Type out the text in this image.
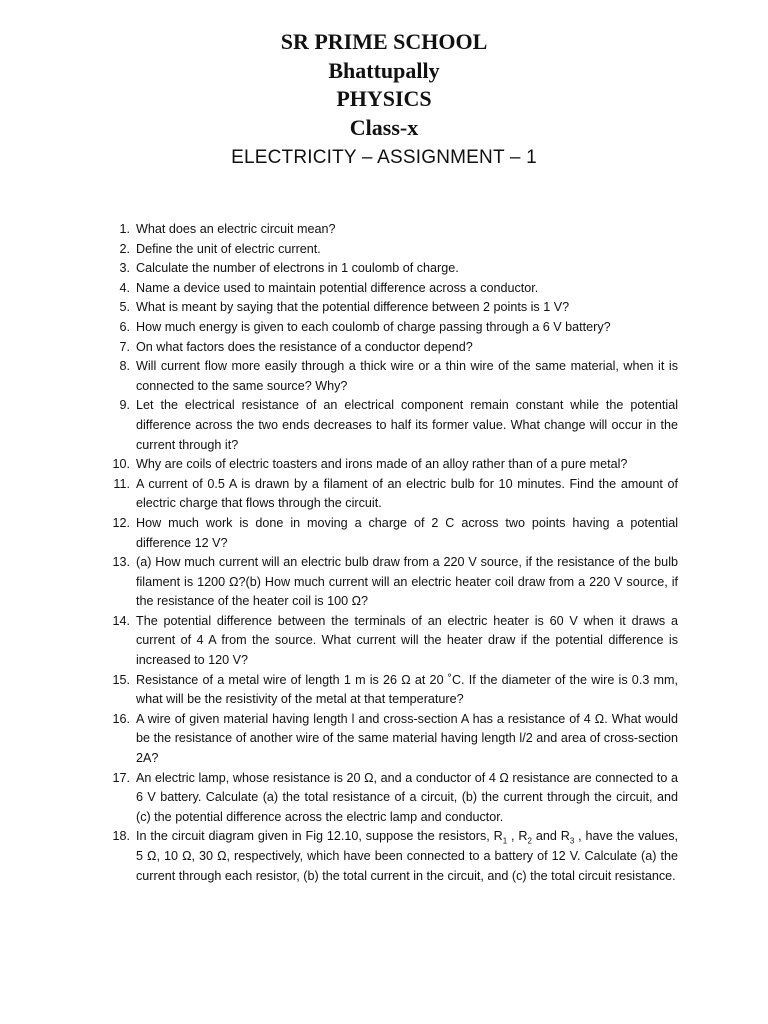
SR PRIME SCHOOL

Bhattupally

PHYSICS

Class-x

ELECTRICITY – ASSIGNMENT – 1

1. What does an electric circuit mean?
2. Define the unit of electric current.
3. Calculate the number of electrons in 1 coulomb of charge.
4. Name a device used to maintain potential difference across a conductor.
5. What is meant by saying that the potential difference between 2 points is 1 V?
6. How much energy is given to each coulomb of charge passing through a 6 V battery?
7. On what factors does the resistance of a conductor depend?
8. Will current flow more easily through a thick wire or a thin wire of the same material, when it is connected to the same source? Why?
9. Let the electrical resistance of an electrical component remain constant while the potential difference across the two ends decreases to half its former value. What change will occur in the current through it?
10. Why are coils of electric toasters and irons made of an alloy rather than of a pure metal?
11. A current of 0.5 A is drawn by a filament of an electric bulb for 10 minutes. Find the amount of electric charge that flows through the circuit.
12. How much work is done in moving a charge of 2 C across two points having a potential difference 12 V?
13. (a) How much current will an electric bulb draw from a 220 V source, if the resistance of the bulb filament is 1200 Ω?(b) How much current will an electric heater coil draw from a 220 V source, if the resistance of the heater coil is 100 Ω?
14. The potential difference between the terminals of an electric heater is 60 V when it draws a current of 4 A from the source. What current will the heater draw if the potential difference is increased to 120 V?
15. Resistance of a metal wire of length 1 m is 26 Ω at 20 ˚C. If the diameter of the wire is 0.3 mm, what will be the resistivity of the metal at that temperature?
16. A wire of given material having length l and cross-section A has a resistance of 4 Ω. What would be the resistance of another wire of the same material having length l/2 and area of cross-section 2A?
17. An electric lamp, whose resistance is 20 Ω, and a conductor of 4 Ω resistance are connected to a 6 V battery. Calculate (a) the total resistance of a circuit, (b) the current through the circuit, and (c) the potential difference across the electric lamp and conductor.
18. In the circuit diagram given in Fig 12.10, suppose the resistors, $R_1$ , $R_2$ and $R_3$ , have the values, 5 Ω, 10 Ω, 30 Ω, respectively, which have been connected to a battery of 12 V. Calculate (a) the current through each resistor, (b) the total current in the circuit, and (c) the total circuit resistance.
